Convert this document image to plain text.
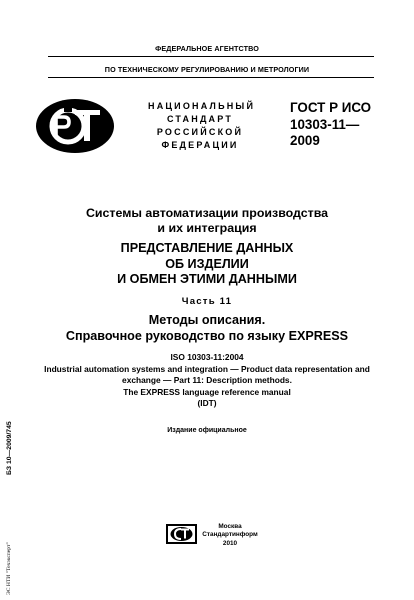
ФЕДЕРАЛЬНОЕ АГЕНТСТВО
ПО ТЕХНИЧЕСКОМУ РЕГУЛИРОВАНИЮ И МЕТРОЛОГИИ
НАЦИОНАЛЬНЫЙ
СТАНДАРТ
РОССИЙСКОЙ
ФЕДЕРАЦИИ
ГОСТ Р ИСО
10303-11—
2009
Системы автоматизации производства
и их интеграция
ПРЕДСТАВЛЕНИЕ ДАННЫХ
ОБ ИЗДЕЛИИ
И ОБМЕН ЭТИМИ ДАННЫМИ
Часть 11
Методы описания.
Справочное руководство по языку EXPRESS
ISO 10303-11:2004
Industrial automation systems and integration — Product data representation and
exchange — Part 11: Description methods.
The EXPRESS language reference manual
(IDT)
Издание официальное
БЗ 10—2009/745
ЭС НТИ "Техэксперт"
Москва
Стандартинформ
2010
